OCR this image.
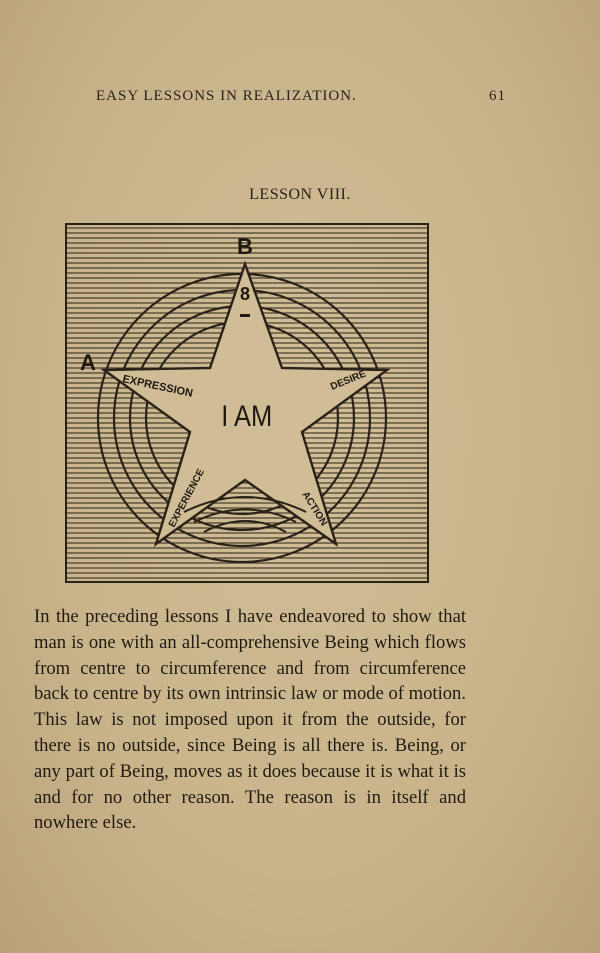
EASY LESSONS IN REALIZATION.	61
LESSON VIII.
B
8
A
I AM
EXPRESSION	DESIRE
EXPERIENCE	ACTION

In the preceding lessons I have endeavored to show that man is one with an all-comprehensive Being which flows from centre to circumference and from circumference back to centre by its own intrinsic law or mode of motion. This law is not imposed upon it from the outside, for there is no outside, since Being is all there is. Being, or any part of Being, moves as it does because it is what it is and for no other reason. The reason is in itself and nowhere else.
